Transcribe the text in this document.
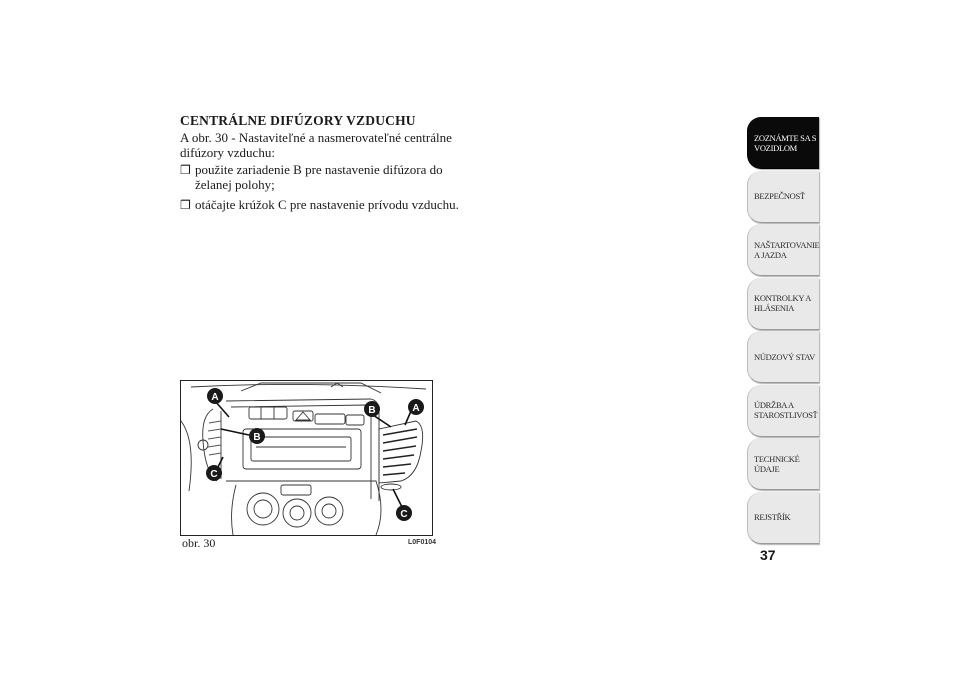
CENTRÁLNE DIFÚZORY VZDUCHU
A obr. 30 - Nastaviteľné a nasmerovateľné centrálne difúzory vzduchu:
❒ použite zariadenie B pre nastavenie difúzora do želanej polohy;
❒ otáčajte krúžok C pre nastavenie prívodu vzduchu.
A
B
C
A
B
C
obr. 30	L0F0104
ZOZNÁMTE SA S VOZIDLOM
BEZPEČNOSŤ
NAŠTARTOVANIE A JAZDA
KONTROLKY A HLÁSENIA
NÚDZOVÝ STAV
ÚDRŽBA A STAROSTLIVOSŤ
TECHNICKÉ ÚDAJE
REJSTŘÍK
37
